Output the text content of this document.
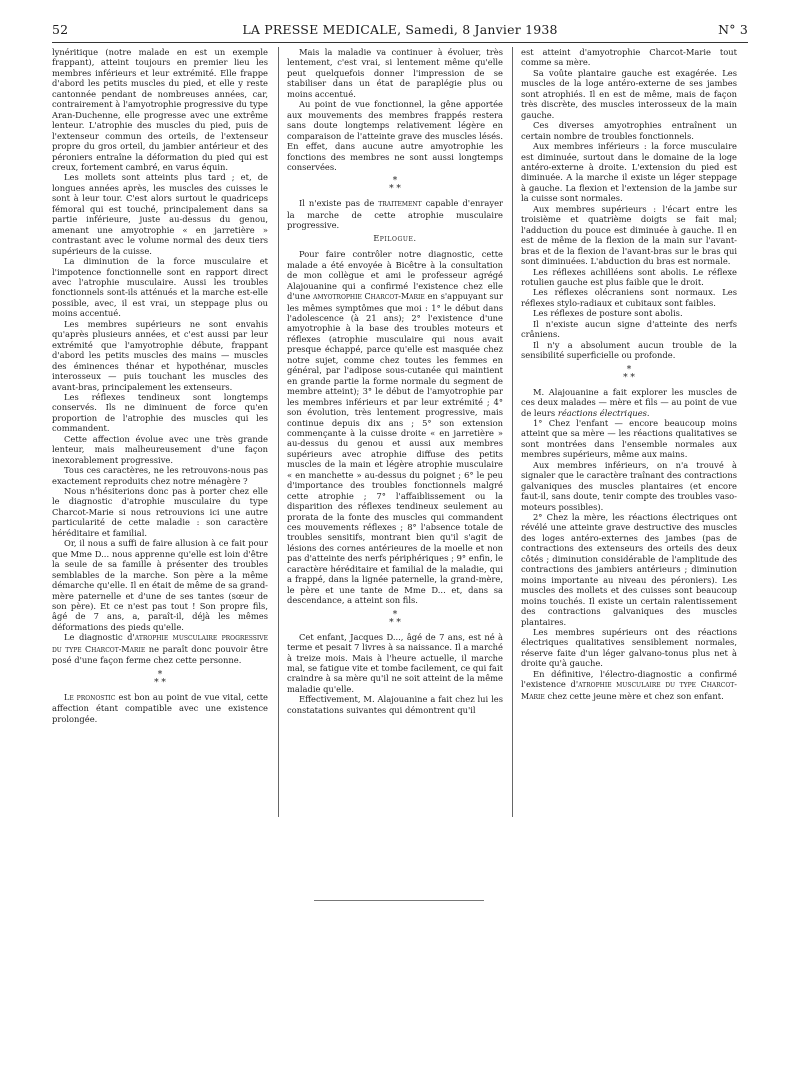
52	LA PRESSE MEDICALE, Samedi, 8 Janvier 1938	N° 3

lynéritique (notre malade en est un exemple frappant), atteint toujours en premier lieu les membres inférieurs et leur extrémité. Elle frappe d'abord les petits muscles du pied, et elle y reste cantonnée pendant de nombreuses années, car, contrairement à l'amyotrophie progressive du type Aran-Duchenne, elle progresse avec une extrême lenteur. L'atrophie des muscles du pied, puis de l'extenseur commun des orteils, de l'extenseur propre du gros orteil, du jambier antérieur et des péroniers entraîne la déformation du pied qui est creux, fortement cambré, en varus équin.

Les mollets sont atteints plus tard ; et, de longues années après, les muscles des cuisses le sont à leur tour. C'est alors surtout le quadriceps fémoral qui est touché, principalement dans sa partie inférieure, juste au-dessus du genou, amenant une amyotrophie « en jarretière » contrastant avec le volume normal des deux tiers supérieurs de la cuisse.

La diminution de la force musculaire et l'impotence fonctionnelle sont en rapport direct avec l'atrophie musculaire. Aussi les troubles fonctionnels sont-ils atténués et la marche est-elle possible, avec, il est vrai, un steppage plus ou moins accentué.

Les membres supérieurs ne sont envahis qu'après plusieurs années, et c'est aussi par leur extrémité que l'amyotrophie débute, frappant d'abord les petits muscles des mains — muscles des éminences thénar et hypothénar, muscles interosseux — puis touchant les muscles des avant-bras, principalement les extenseurs.

Les réflexes tendineux sont longtemps conservés. Ils ne diminuent de force qu'en proportion de l'atrophie des muscles qui les commandent.

Cette affection évolue avec une très grande lenteur, mais malheureusement d'une façon inexorablement progressive.

Tous ces caractères, ne les retrouvons-nous pas exactement reproduits chez notre ménagère ?

Nous n'hésiterions donc pas à porter chez elle le diagnostic d'atrophie musculaire du type Charcot-Marie si nous retrouvions ici une autre particularité de cette maladie : son caractère héréditaire et familial.

Or, il nous a suffi de faire allusion à ce fait pour que Mme D... nous apprenne qu'elle est loin d'être la seule de sa famille à présenter des troubles semblables de la marche. Son père a la même démarche qu'elle. Il en était de même de sa grand-mère paternelle et d'une de ses tantes (sœur de son père). Et ce n'est pas tout ! Son propre fils, âgé de 7 ans, a, paraît-il, déjà les mêmes déformations des pieds qu'elle.

Le diagnostic d'atrophie musculaire progressive du type Charcot-Marie ne paraît donc pouvoir être posé d'une façon ferme chez cette personne.

*
* *

Le pronostic est bon au point de vue vital, cette affection étant compatible avec une existence prolongée.

Mais la maladie va continuer à évoluer, très lentement, c'est vrai, si lentement même qu'elle peut quelquefois donner l'impression de se stabiliser dans un état de paraplégie plus ou moins accentué.

Au point de vue fonctionnel, la gêne apportée aux mouvements des membres frappés restera sans doute longtemps relativement légère en comparaison de l'atteinte grave des muscles lésés. En effet, dans aucune autre amyotrophie les fonctions des membres ne sont aussi longtemps conservées.

*
* *

Il n'existe pas de traitement capable d'enrayer la marche de cette atrophie musculaire progressive.

Epilogue.

Pour faire contrôler notre diagnostic, cette malade a été envoyée à Bicêtre à la consultation de mon collègue et ami le professeur agrégé Alajouanine qui a confirmé l'existence chez elle d'une amyotrophie Charcot-Marie en s'appuyant sur les mêmes symptômes que moi : 1° le début dans l'adolescence (à 21 ans); 2° l'existence d'une amyotrophie à la base des troubles moteurs et réflexes (atrophie musculaire qui nous avait presque échappé, parce qu'elle est masquée chez notre sujet, comme chez toutes les femmes en général, par l'adipose sous-cutanée qui maintient en grande partie la forme normale du segment de membre atteint); 3° le début de l'amyotrophie par les membres inférieurs et par leur extrémité ; 4° son évolution, très lentement progressive, mais continue depuis dix ans ; 5° son extension commençante à la cuisse droite « en jarretière » au-dessus du genou et aussi aux membres supérieurs avec atrophie diffuse des petits muscles de la main et légère atrophie musculaire « en manchette » au-dessus du poignet ; 6° le peu d'importance des troubles fonctionnels malgré cette atrophie ; 7° l'affaiblissement ou la disparition des réflexes tendineux seulement au prorata de la fonte des muscles qui commandent ces mouvements réflexes ; 8° l'absence totale de troubles sensitifs, montrant bien qu'il s'agit de lésions des cornes antérieures de la moelle et non pas d'atteinte des nerfs périphériques ; 9° enfin, le caractère héréditaire et familial de la maladie, qui a frappé, dans la lignée paternelle, la grand-mère, le père et une tante de Mme D... et, dans sa descendance, a atteint son fils.

*
* *

Cet enfant, Jacques D..., âgé de 7 ans, est né à terme et pesait 7 livres à sa naissance. Il a marché à treize mois. Mais à l'heure actuelle, il marche mal, se fatigue vite et tombe facilement, ce qui fait craindre à sa mère qu'il ne soit atteint de la même maladie qu'elle.

Effectivement, M. Alajouanine a fait chez lui les constatations suivantes qui démontrent qu'il

est atteint d'amyotrophie Charcot-Marie tout comme sa mère.

Sa voûte plantaire gauche est exagérée. Les muscles de la loge antéro-externe de ses jambes sont atrophiés. Il en est de même, mais de façon très discrète, des muscles interosseux de la main gauche.

Ces diverses amyotrophies entraînent un certain nombre de troubles fonctionnels.

Aux membres inférieurs : la force musculaire est diminuée, surtout dans le domaine de la loge antéro-externe à droite. L'extension du pied est diminuée. A la marche il existe un léger steppage à gauche. La flexion et l'extension de la jambe sur la cuisse sont normales.

Aux membres supérieurs : l'écart entre les troisième et quatrième doigts se fait mal; l'adduction du pouce est diminuée à gauche. Il en est de même de la flexion de la main sur l'avant-bras et de la flexion de l'avant-bras sur le bras qui sont diminuées. L'abduction du bras est normale.

Les réflexes achilléens sont abolis. Le réflexe rotulien gauche est plus faible que le droit.

Les réflexes olécraniens sont normaux. Les réflexes stylo-radiaux et cubitaux sont faibles.

Les réflexes de posture sont abolis.

Il n'existe aucun signe d'atteinte des nerfs crâniens.

Il n'y a absolument aucun trouble de la sensibilité superficielle ou profonde.

*
* *

M. Alajouanine a fait explorer les muscles de ces deux malades — mère et fils — au point de vue de leurs réactions électriques.

1° Chez l'enfant — encore beaucoup moins atteint que sa mère — les réactions qualitatives se sont montrées dans l'ensemble normales aux membres supérieurs, même aux mains.

Aux membres inférieurs, on n'a trouvé à signaler que le caractère traînant des contractions galvaniques des muscles plantaires (et encore faut-il, sans doute, tenir compte des troubles vaso-moteurs possibles).

2° Chez la mère, les réactions électriques ont révélé une atteinte grave destructive des muscles des loges antéro-externes des jambes (pas de contractions des extenseurs des orteils des deux côtés ; diminution considérable de l'amplitude des contractions des jambiers antérieurs ; diminution moins importante au niveau des péroniers). Les muscles des mollets et des cuisses sont beaucoup moins touchés. Il existe un certain ralentissement des contractions galvaniques des muscles plantaires.

Les membres supérieurs ont des réactions électriques qualitatives sensiblement normales, réserve faite d'un léger galvano-tonus plus net à droite qu'à gauche.

En définitive, l'électro-diagnostic a confirmé l'existence d'atrophie musculaire du type Charcot-Marie chez cette jeune mère et chez son enfant.
